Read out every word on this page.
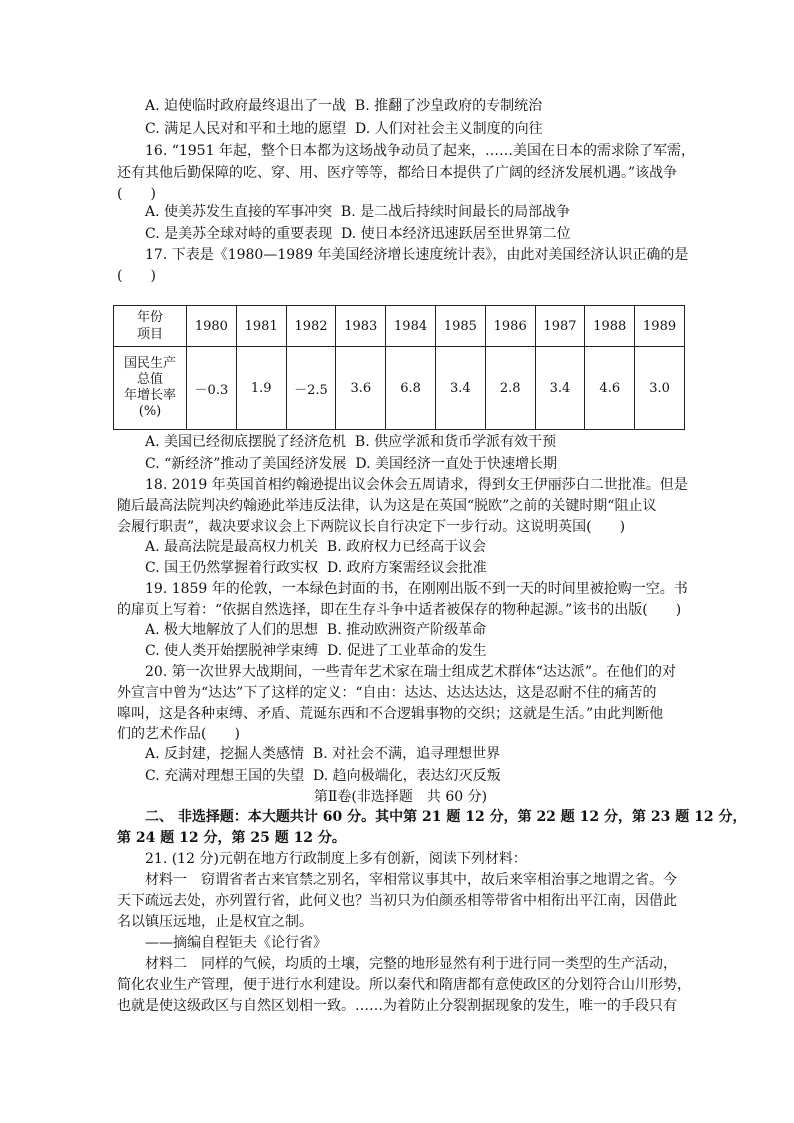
A. 迫使临时政府最终退出了一战 B. 推翻了沙皇政府的专制统治
C. 满足人民对和平和土地的愿望 D. 人们对社会主义制度的向往
16. “1951 年起，整个日本都为这场战争动员了起来，……美国在日本的需求除了军需，
还有其他后勤保障的吃、穿、用、医疗等等，都给日本提供了广阔的经济发展机遇。”该战争
(　　)
A. 使美苏发生直接的军事冲突 B. 是二战后持续时间最长的局部战争
C. 是美苏全球对峙的重要表现 D. 使日本经济迅速跃居至世界第二位
17. 下表是《1980—1989 年美国经济增长速度统计表》，由此对美国经济认识正确的是
(　　)
年份
项目	1980	1981	1982	1983	1984	1985	1986	1987	1988	1989

国民生产
总值
年增长率
(%)	－0.3	1.9	－2.5	3.6	6.8	3.4	2.8	3.4	4.6	3.0
A. 美国已经彻底摆脱了经济危机 B. 供应学派和货币学派有效干预
C. “新经济”推动了美国经济发展 D. 美国经济一直处于快速增长期
18. 2019 年英国首相约翰逊提出议会休会五周请求，得到女王伊丽莎白二世批准。但是
随后最高法院判决约翰逊此举违反法律，认为这是在英国“脱欧”之前的关键时期“阻止议
会履行职责”，裁决要求议会上下两院议长自行决定下一步行动。这说明英国(　　)
A. 最高法院是最高权力机关 B. 政府权力已经高于议会
C. 国王仍然掌握着行政实权 D. 政府方案需经议会批准
19. 1859 年的伦敦，一本绿色封面的书，在刚刚出版不到一天的时间里被抢购一空。书
的扉页上写着：“依据自然选择，即在生存斗争中适者被保存的物种起源。”该书的出版(　　)
A. 极大地解放了人们的思想 B. 推动欧洲资产阶级革命
C. 使人类开始摆脱神学束缚 D. 促进了工业革命的发生
20. 第一次世界大战期间，一些青年艺术家在瑞士组成艺术群体“达达派”。在他们的对
外宣言中曾为“达达”下了这样的定义：“自由：达达、达达达达，这是忍耐不住的痛苦的
嗥叫，这是各种束缚、矛盾、荒诞东西和不合逻辑事物的交织；这就是生活。”由此判断他
们的艺术作品(　　)
A. 反封建，挖掘人类感情 B. 对社会不满，追寻理想世界
C. 充满对理想王国的失望 D. 趋向极端化，表达幻灭反叛
第Ⅱ卷(非选择题　共 60 分)
二、 非选择题：本大题共计 60 分。其中第 21 题 12 分，第 22 题 12 分，第 23 题 12 分，
第 24 题 12 分，第 25 题 12 分。
21. (12 分)元朝在地方行政制度上多有创新，阅读下列材料：
材料一　窃谓省者古来官禁之别名，宰相常议事其中，故后来宰相治事之地谓之省。今
天下疏远去处，亦列置行省，此何义也？当初只为伯颜丞相等带省中相衔出平江南，因借此
名以镇压远地，止是权宜之制。
——摘编自程钜夫《论行省》
材料二　同样的气候，均质的土壤，完整的地形显然有利于进行同一类型的生产活动，
简化农业生产管理，便于进行水利建设。所以秦代和隋唐都有意使政区的分划符合山川形势，
也就是使这级政区与自然区划相一致。……为着防止分裂割据现象的发生，唯一的手段只有
